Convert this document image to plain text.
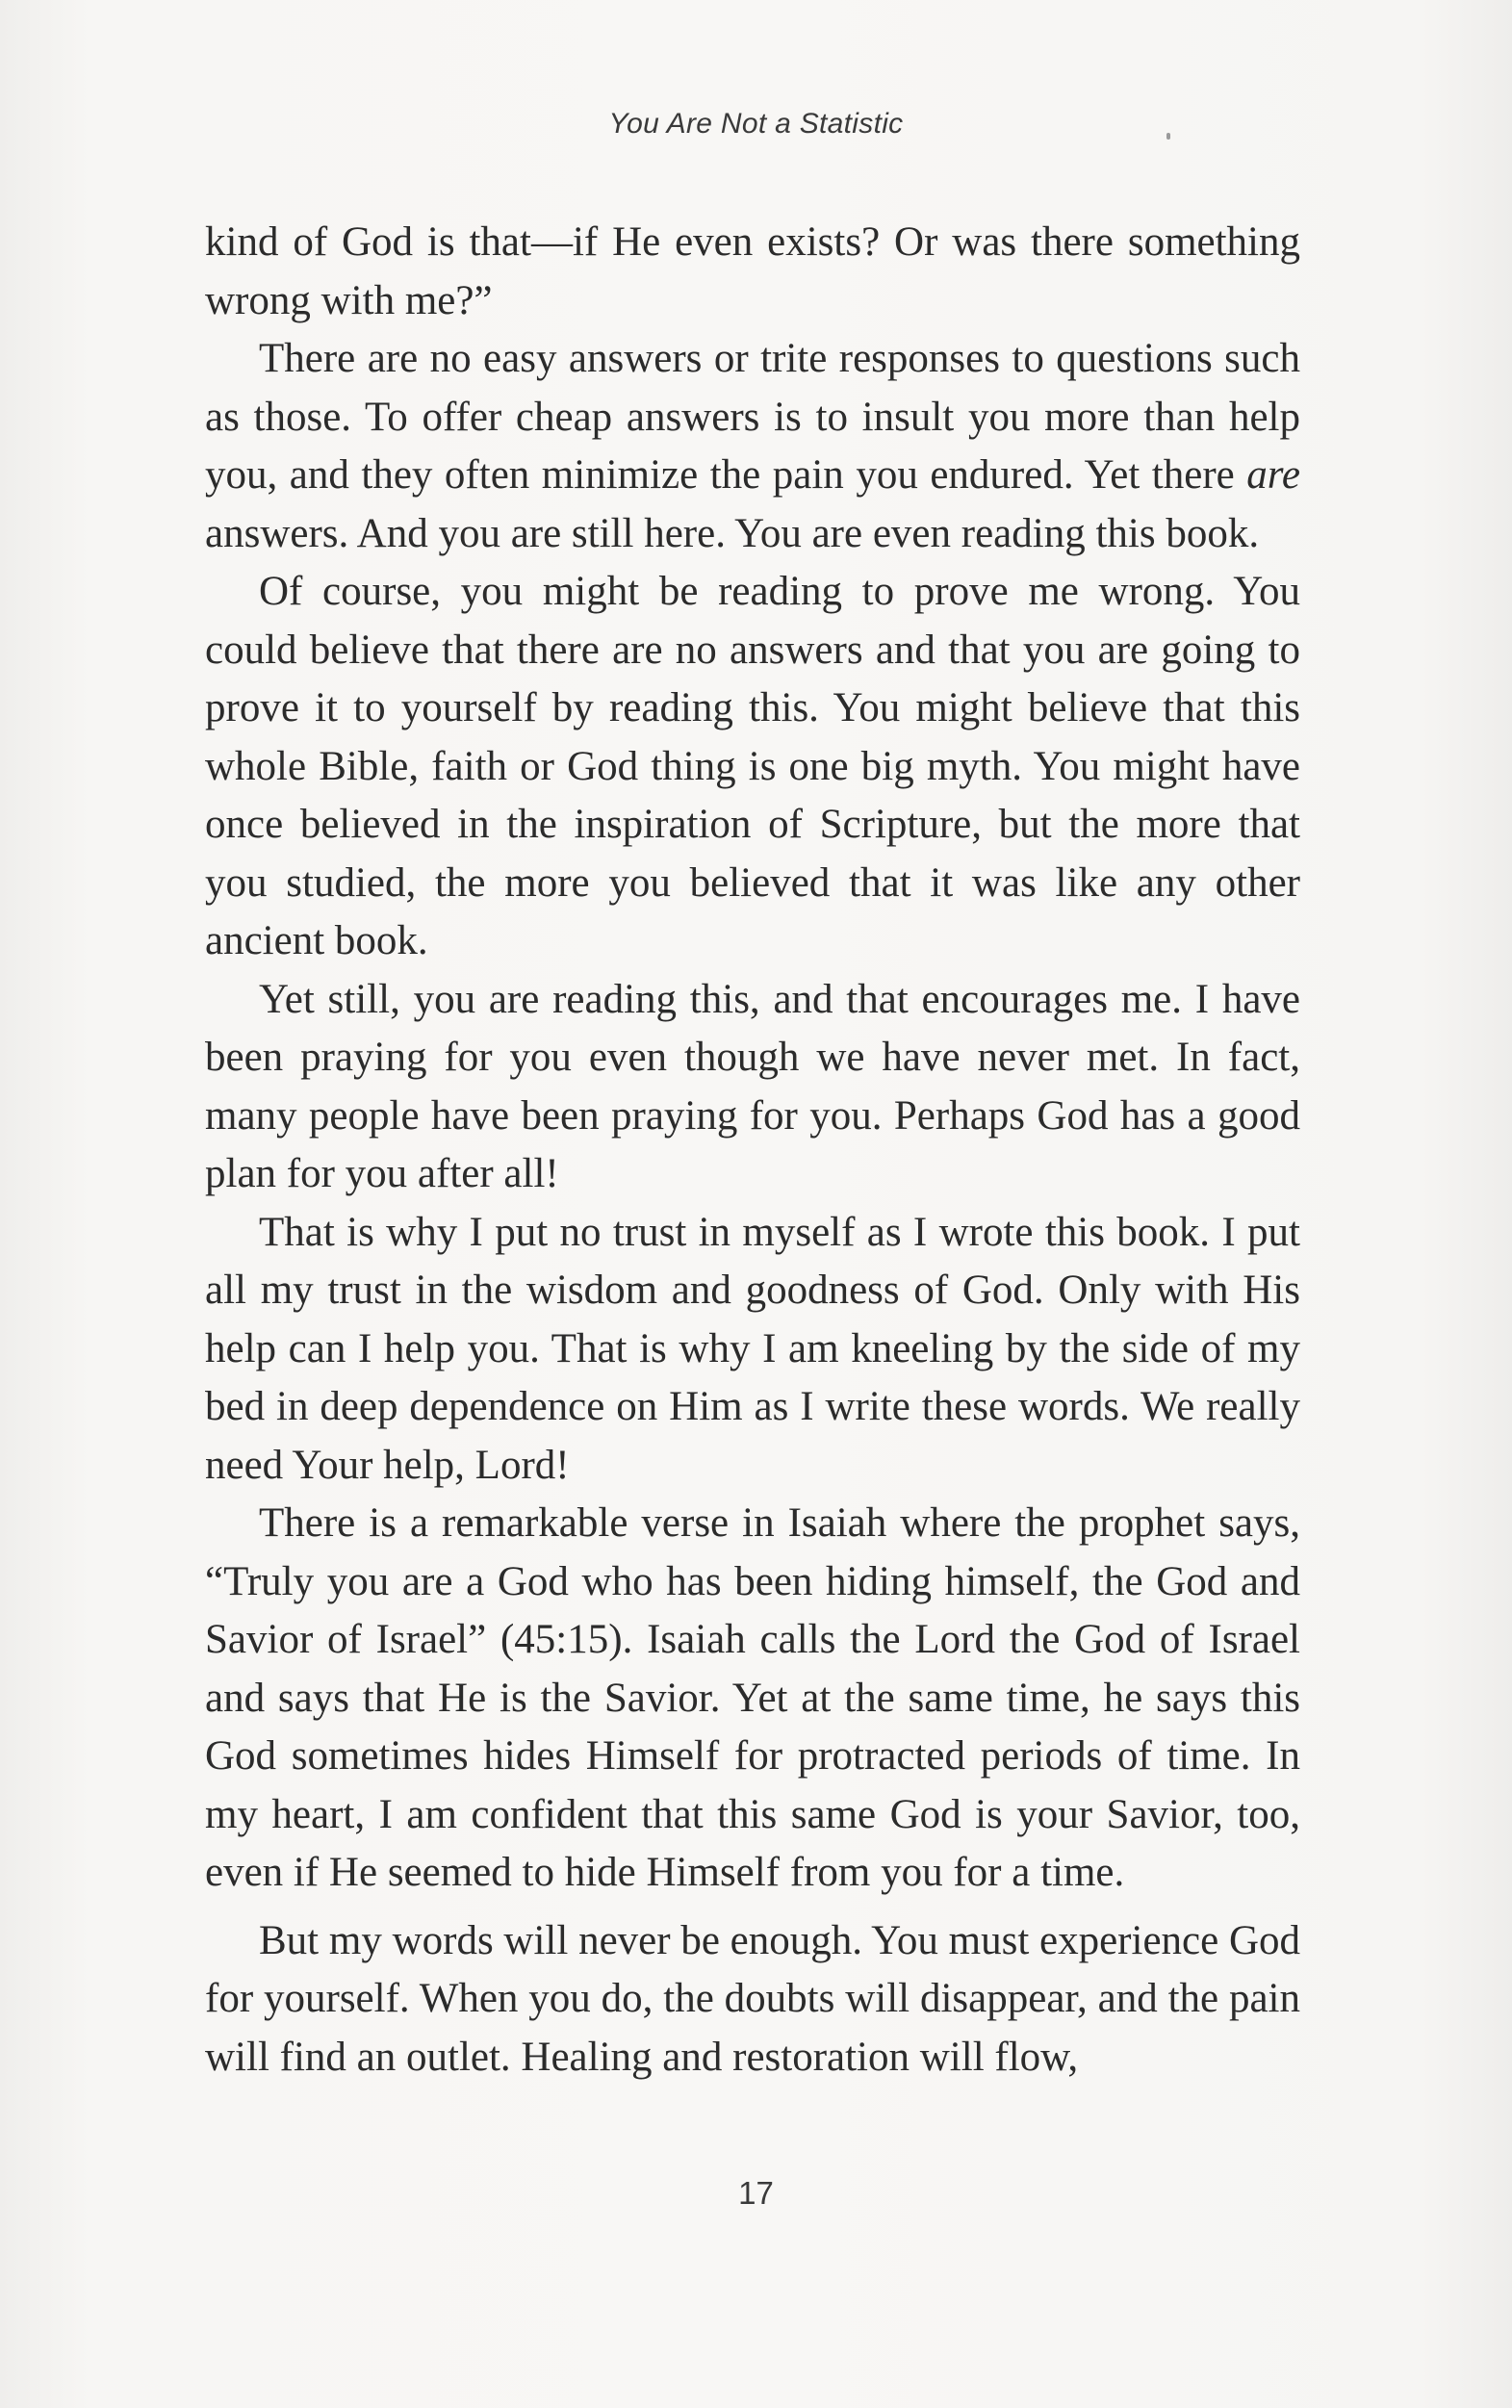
You Are Not a Statistic

kind of God is that—if He even exists? Or was there something wrong with me?”

There are no easy answers or trite responses to questions such as those. To offer cheap answers is to insult you more than help you, and they often minimize the pain you endured. Yet there are answers. And you are still here. You are even reading this book.

Of course, you might be reading to prove me wrong. You could believe that there are no answers and that you are going to prove it to yourself by reading this. You might believe that this whole Bible, faith or God thing is one big myth. You might have once believed in the inspiration of Scripture, but the more that you studied, the more you believed that it was like any other ancient book.

Yet still, you are reading this, and that encourages me. I have been praying for you even though we have never met. In fact, many people have been praying for you. Perhaps God has a good plan for you after all!

That is why I put no trust in myself as I wrote this book. I put all my trust in the wisdom and goodness of God. Only with His help can I help you. That is why I am kneeling by the side of my bed in deep dependence on Him as I write these words. We really need Your help, Lord!

There is a remarkable verse in Isaiah where the prophet says, “Truly you are a God who has been hiding himself, the God and Savior of Israel” (45:15). Isaiah calls the Lord the God of Israel and says that He is the Savior. Yet at the same time, he says this God sometimes hides Himself for protracted periods of time. In my heart, I am confident that this same God is your Savior, too, even if He seemed to hide Himself from you for a time.

But my words will never be enough. You must experience God for yourself. When you do, the doubts will disappear, and the pain will find an outlet. Healing and restoration will flow,

17
